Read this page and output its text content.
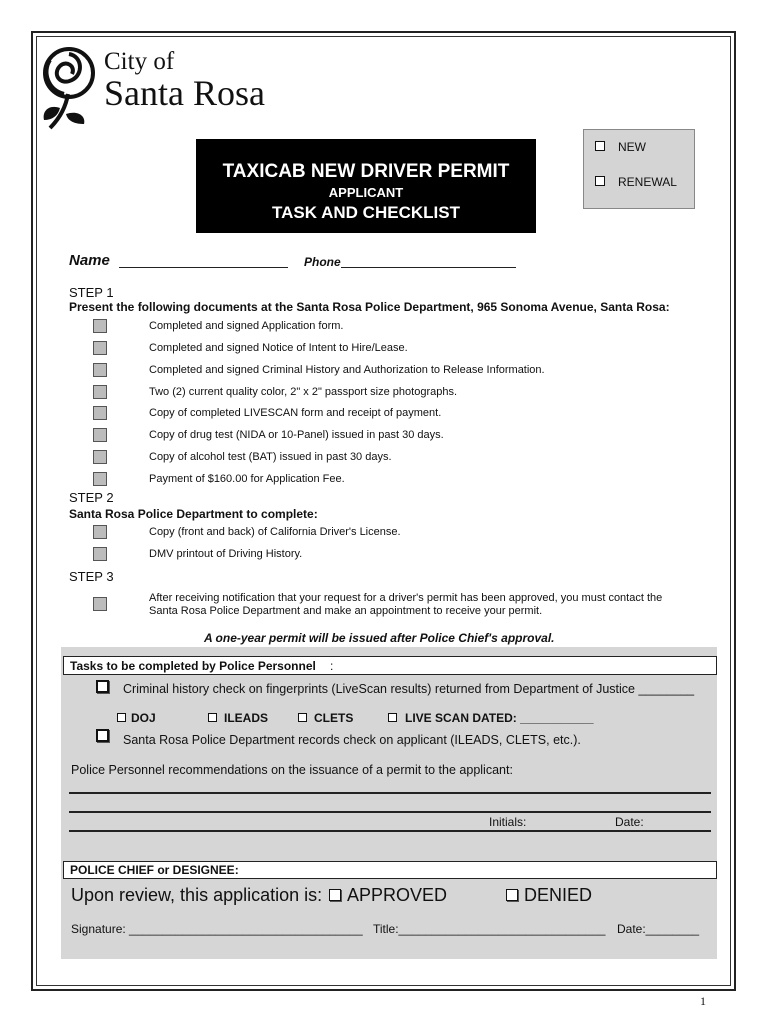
City of
Santa Rosa
TAXICAB NEW DRIVER PERMIT
APPLICANT
TASK AND CHECKLIST
NEW
RENEWAL
Name	Phone
STEP 1
Present the following documents at the Santa Rosa Police Department, 965 Sonoma Avenue, Santa Rosa:
Completed and signed Application form.
Completed and signed Notice of Intent to Hire/Lease.
Completed and signed Criminal History and Authorization to Release Information.
Two (2) current quality color, 2" x 2" passport size photographs.
Copy of completed LIVESCAN form and receipt of payment.
Copy of drug test (NIDA or 10-Panel) issued in past 30 days.
Copy of alcohol test (BAT) issued in past 30 days.
Payment of $160.00 for Application Fee.
STEP 2
Santa Rosa Police Department to complete:
Copy (front and back) of California Driver's License.
DMV printout of Driving History.
STEP 3
After receiving notification that your request for a driver's permit has been approved, you must contact the
Santa Rosa Police Department and make an appointment to receive your permit.
A one-year permit will be issued after Police Chief's approval.
Tasks to be completed by Police Personnel :
Criminal history check on fingerprints (LiveScan results) returned from Department of Justice ________
DOJ	ILEADS	CLETS	LIVE SCAN DATED: ___________
Santa Rosa Police Department records check on applicant (ILEADS, CLETS, etc.).
Police Personnel recommendations on the issuance of a permit to the applicant:
Initials:	Date:
POLICE CHIEF or DESIGNEE:
Upon review, this application is: APPROVED	DENIED
Signature: ___________________________________ Title:_______________________________ Date:________
1
